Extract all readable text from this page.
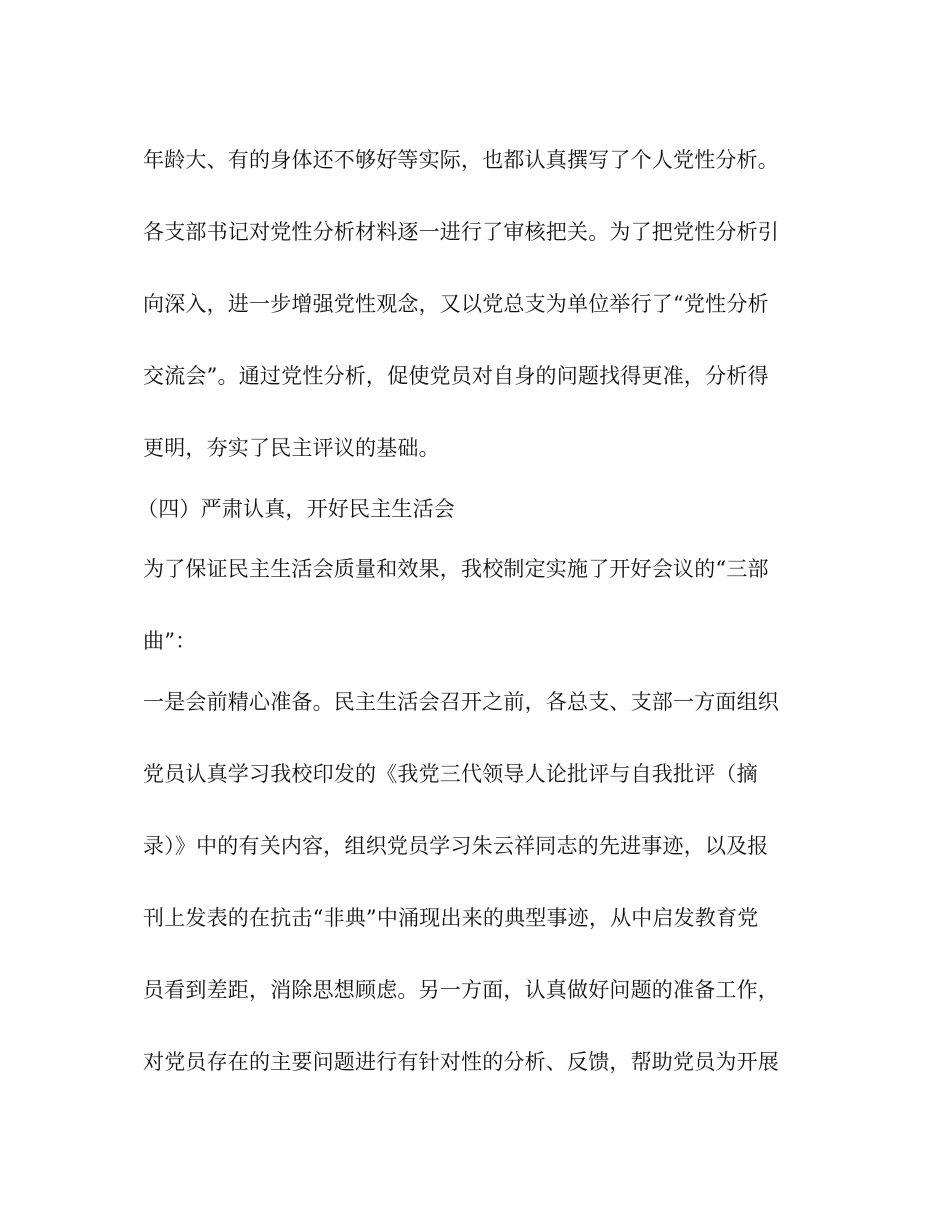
年龄大、有的身体还不够好等实际，也都认真撰写了个人党性分析。
各支部书记对党性分析材料逐一进行了审核把关。为了把党性分析引
向深入，进一步增强党性观念，又以党总支为单位举行了“党性分析
交流会”。通过党性分析，促使党员对自身的问题找得更准，分析得
更明，夯实了民主评议的基础。
（四）严肃认真，开好民主生活会
为了保证民主生活会质量和效果，我校制定实施了开好会议的“三部
曲”：
一是会前精心准备。民主生活会召开之前，各总支、支部一方面组织
党员认真学习我校印发的《我党三代领导人论批评与自我批评（摘
录）》中的有关内容，组织党员学习朱云祥同志的先进事迹，以及报
刊上发表的在抗击“非典”中涌现出来的典型事迹，从中启发教育党
员看到差距，消除思想顾虑。另一方面，认真做好问题的准备工作，
对党员存在的主要问题进行有针对性的分析、反馈，帮助党员为开展
